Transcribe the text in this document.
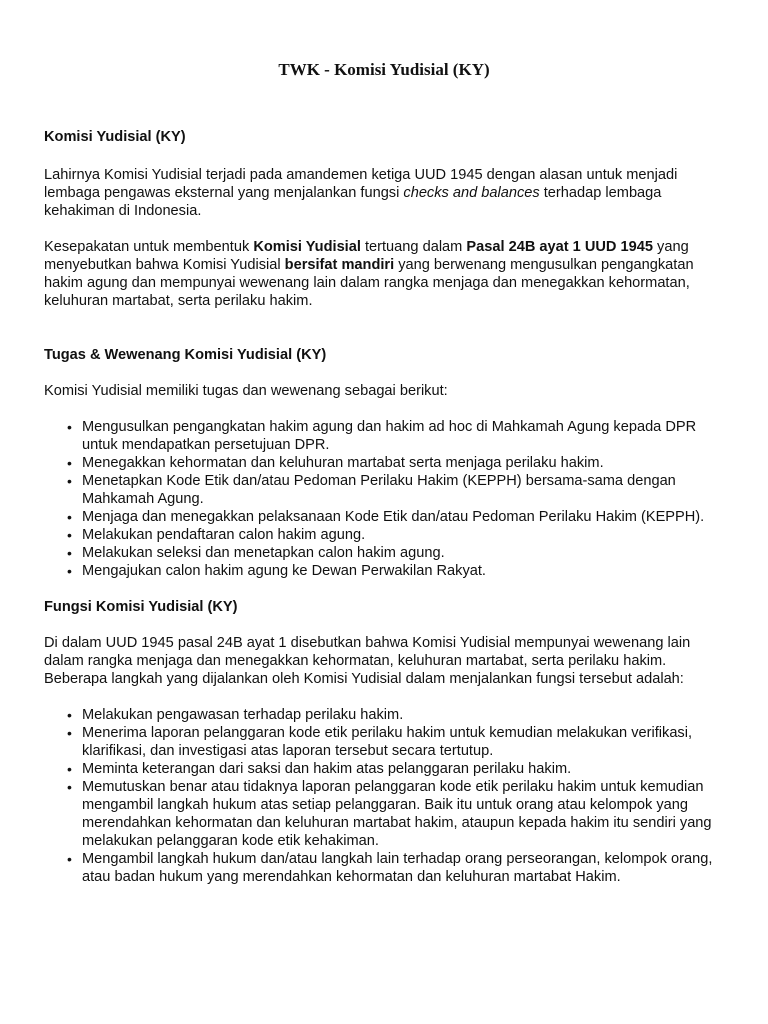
TWK - Komisi Yudisial (KY)
Komisi Yudisial (KY)

Lahirnya Komisi Yudisial terjadi pada amandemen ketiga UUD 1945 dengan alasan untuk menjadi lembaga pengawas eksternal yang menjalankan fungsi checks and balances terhadap lembaga kehakiman di Indonesia.

Kesepakatan untuk membentuk Komisi Yudisial tertuang dalam Pasal 24B ayat 1 UUD 1945 yang menyebutkan bahwa Komisi Yudisial bersifat mandiri yang berwenang mengusulkan pengangkatan hakim agung dan mempunyai wewenang lain dalam rangka menjaga dan menegakkan kehormatan, keluhuran martabat, serta perilaku hakim.

Tugas & Wewenang Komisi Yudisial (KY)

Komisi Yudisial memiliki tugas dan wewenang sebagai berikut:

• Mengusulkan pengangkatan hakim agung dan hakim ad hoc di Mahkamah Agung kepada DPR untuk mendapatkan persetujuan DPR.
• Menegakkan kehormatan dan keluhuran martabat serta menjaga perilaku hakim.
• Menetapkan Kode Etik dan/atau Pedoman Perilaku Hakim (KEPPH) bersama-sama dengan Mahkamah Agung.
• Menjaga dan menegakkan pelaksanaan Kode Etik dan/atau Pedoman Perilaku Hakim (KEPPH).
• Melakukan pendaftaran calon hakim agung.
• Melakukan seleksi dan menetapkan calon hakim agung.
• Mengajukan calon hakim agung ke Dewan Perwakilan Rakyat.
Fungsi Komisi Yudisial (KY)

Di dalam UUD 1945 pasal 24B ayat 1 disebutkan bahwa Komisi Yudisial mempunyai wewenang lain dalam rangka menjaga dan menegakkan kehormatan, keluhuran martabat, serta perilaku hakim. Beberapa langkah yang dijalankan oleh Komisi Yudisial dalam menjalankan fungsi tersebut adalah:

• Melakukan pengawasan terhadap perilaku hakim.
• Menerima laporan pelanggaran kode etik perilaku hakim untuk kemudian melakukan verifikasi, klarifikasi, dan investigasi atas laporan tersebut secara tertutup.
• Meminta keterangan dari saksi dan hakim atas pelanggaran perilaku hakim.
• Memutuskan benar atau tidaknya laporan pelanggaran kode etik perilaku hakim untuk kemudian mengambil langkah hukum atas setiap pelanggaran. Baik itu untuk orang atau kelompok yang merendahkan kehormatan dan keluhuran martabat hakim, ataupun kepada hakim itu sendiri yang melakukan pelanggaran kode etik kehakiman.
• Mengambil langkah hukum dan/atau langkah lain terhadap orang perseorangan, kelompok orang, atau badan hukum yang merendahkan kehormatan dan keluhuran martabat Hakim.
